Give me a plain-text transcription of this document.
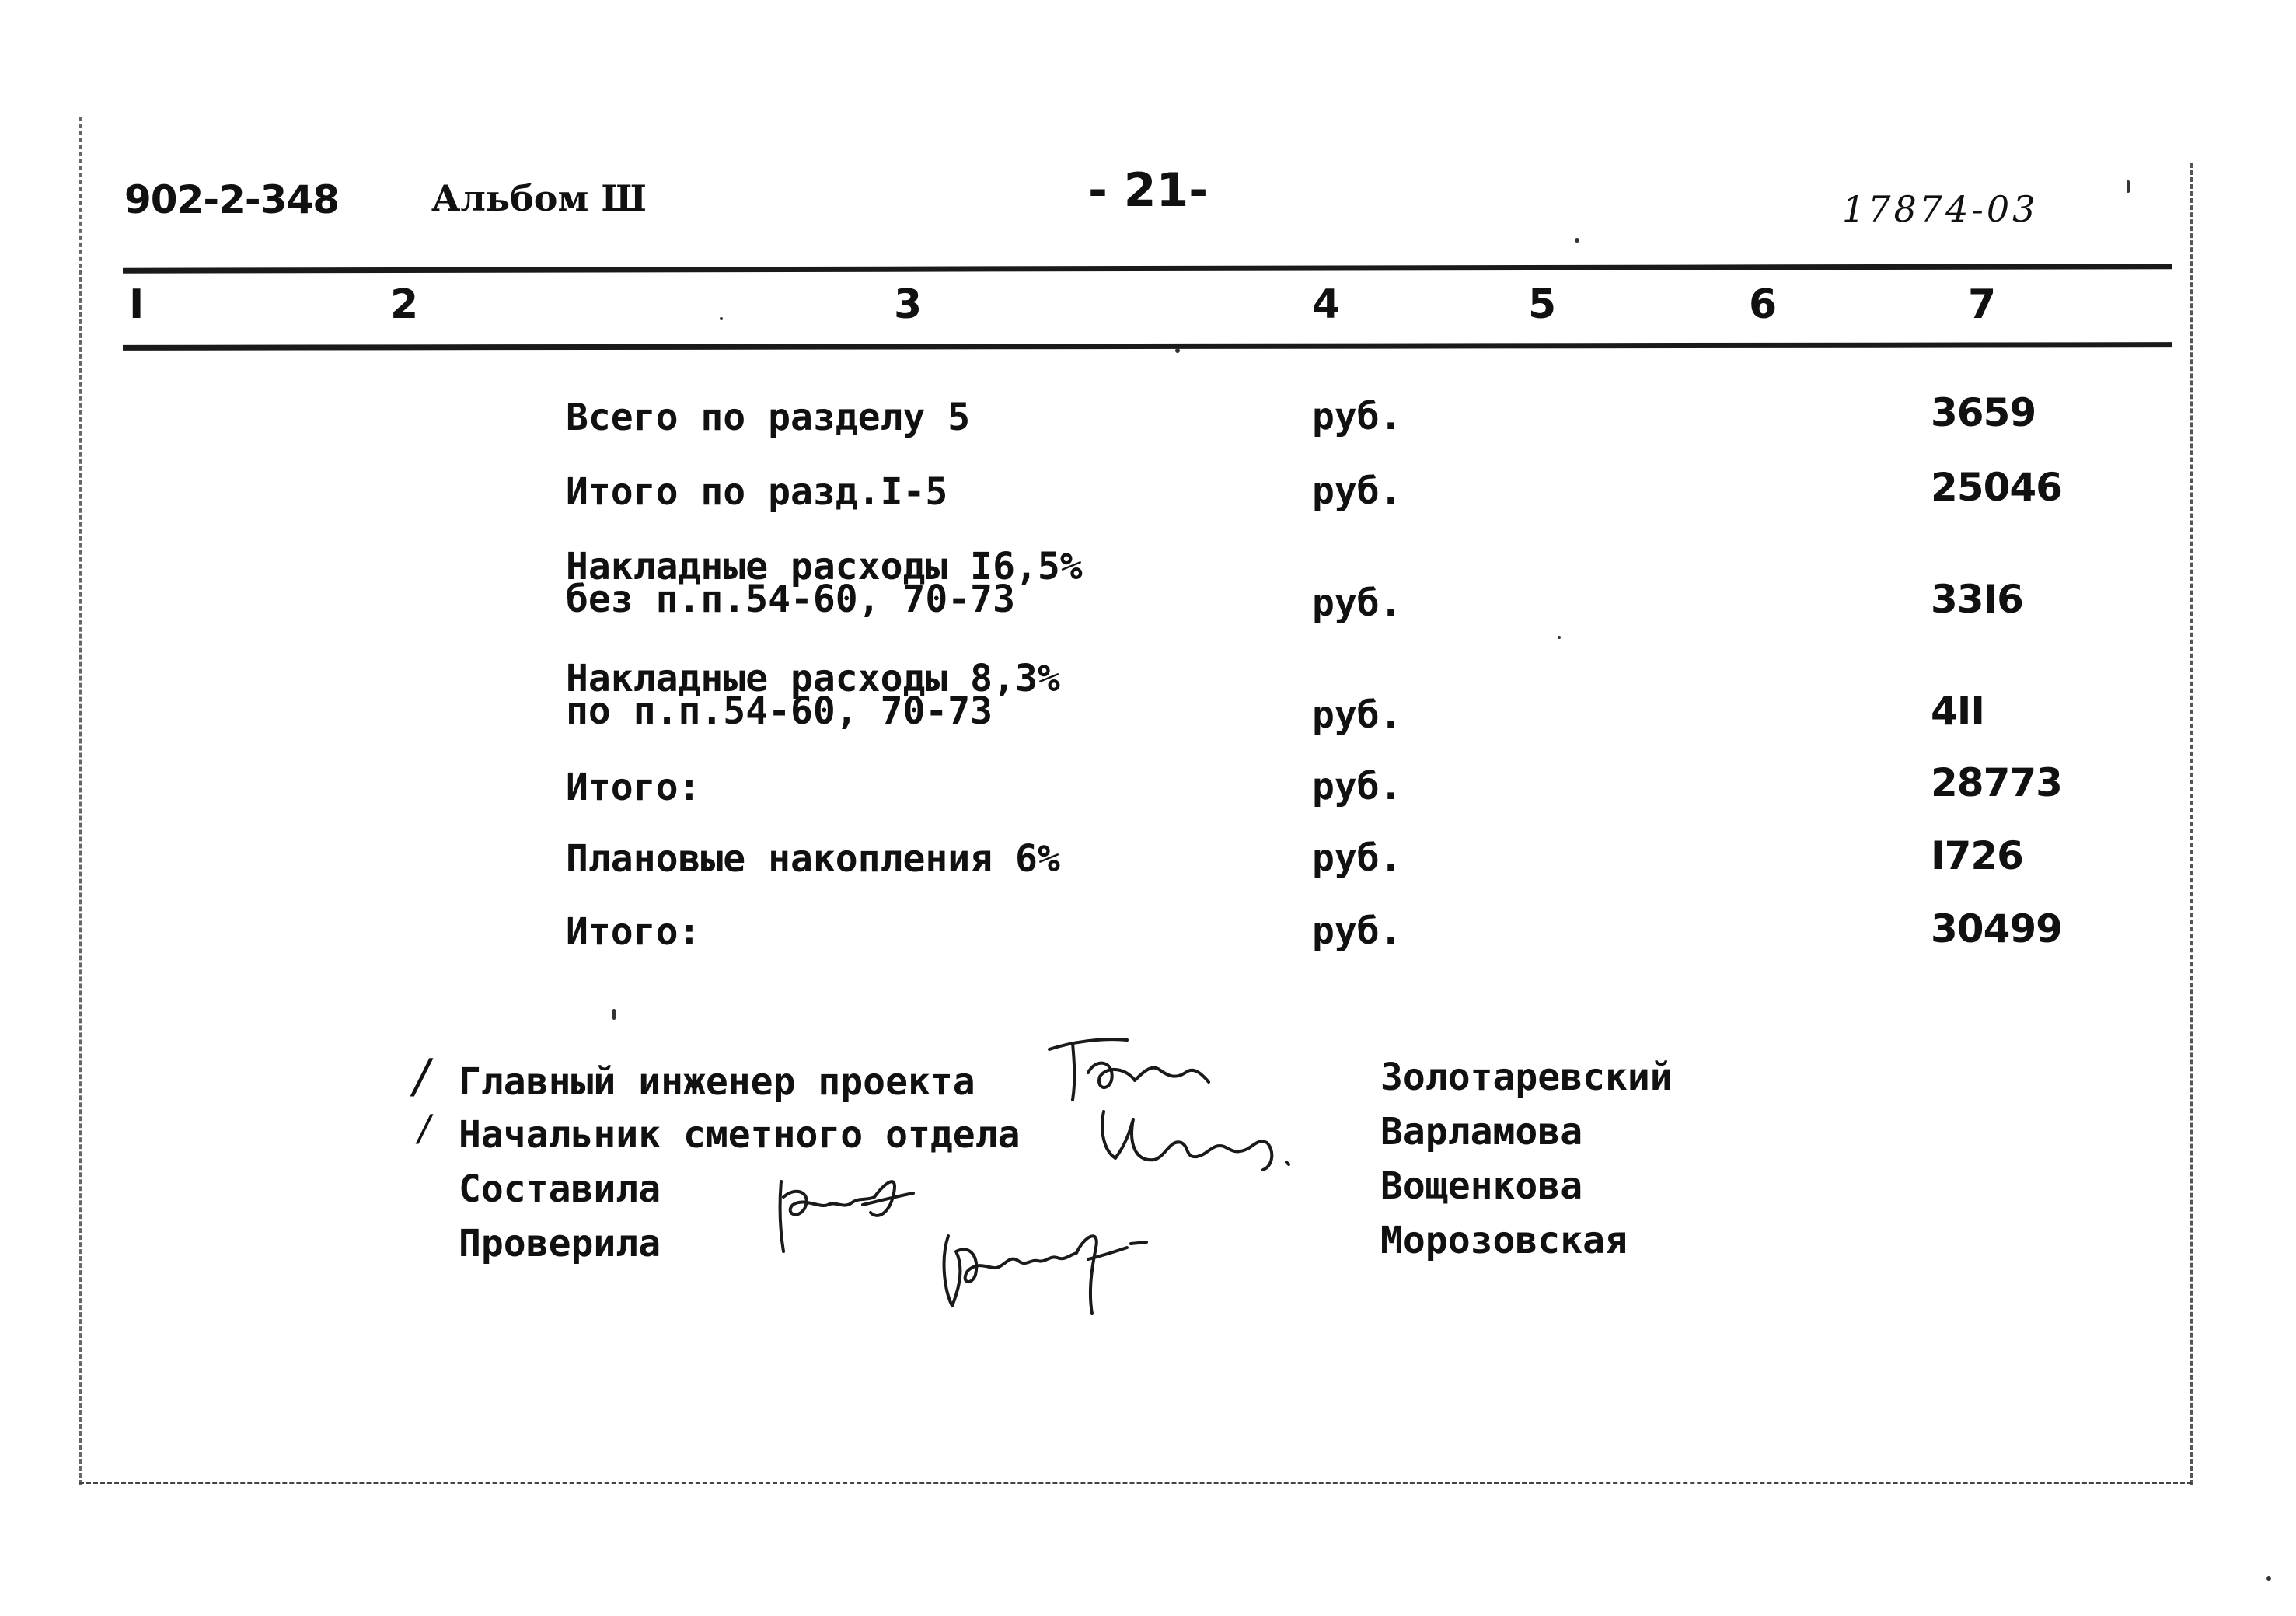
902-2-348	Альбом Ш	- 21-	17874-03
I	2	3	4	5	6	7
Всего по разделу 5	руб.	3659
Итого по разд.I-5	руб.	25046
Накладные расходы I6,5%
без п.п.54-60, 70-73	руб.	33I6
Накладные расходы 8,3%
по п.п.54-60, 70-73	руб.	4II
Итого:	руб.	28773
Плановые накопления 6%	руб.	I726
Итого:	руб.	30499
/
/
Главный инженер проекта
Начальник сметного отдела
Составила
Проверила
Золотаревский
Варламова
Вощенкова
Морозовская
